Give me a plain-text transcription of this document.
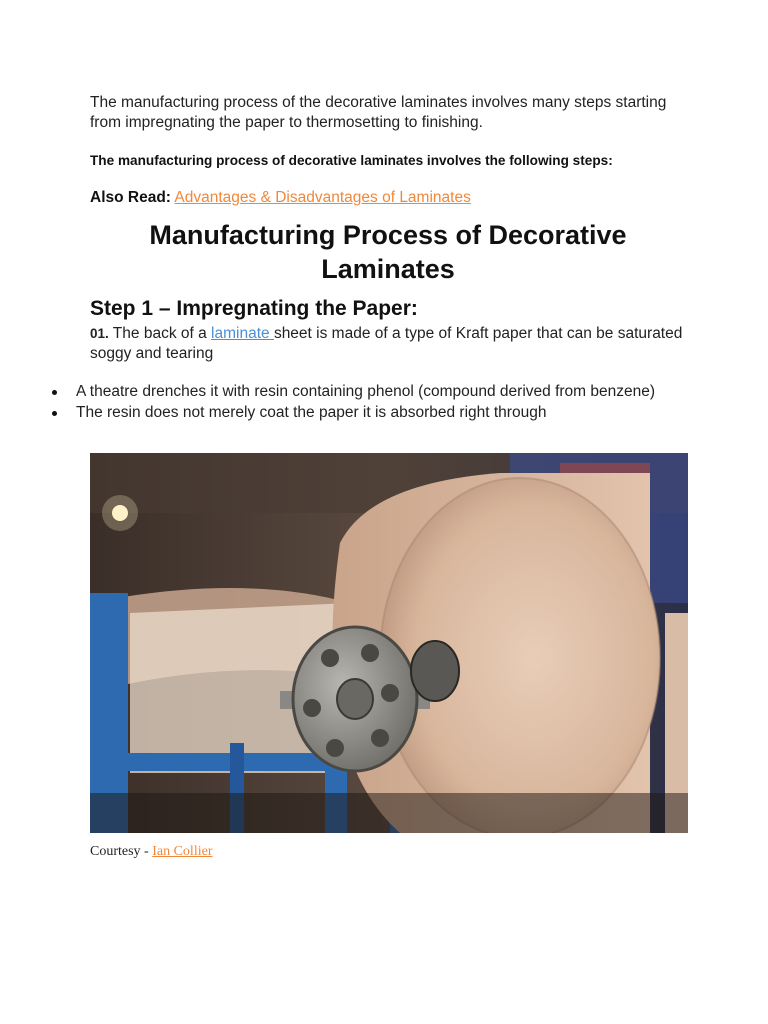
The manufacturing process of the decorative laminates involves many steps starting from impregnating the paper to thermosetting to finishing.

The manufacturing process of decorative laminates involves the following steps:

Also Read: Advantages & Disadvantages of Laminates

Manufacturing Process of Decorative Laminates
Step 1 – Impregnating the Paper:

01. The back of a laminate sheet is made of a type of Kraft paper that can be saturated soggy and tearing

A theatre drenches it with resin containing phenol (compound derived from benzene)
The resin does not merely coat the paper it is absorbed right through

Courtesy - Ian Collier
